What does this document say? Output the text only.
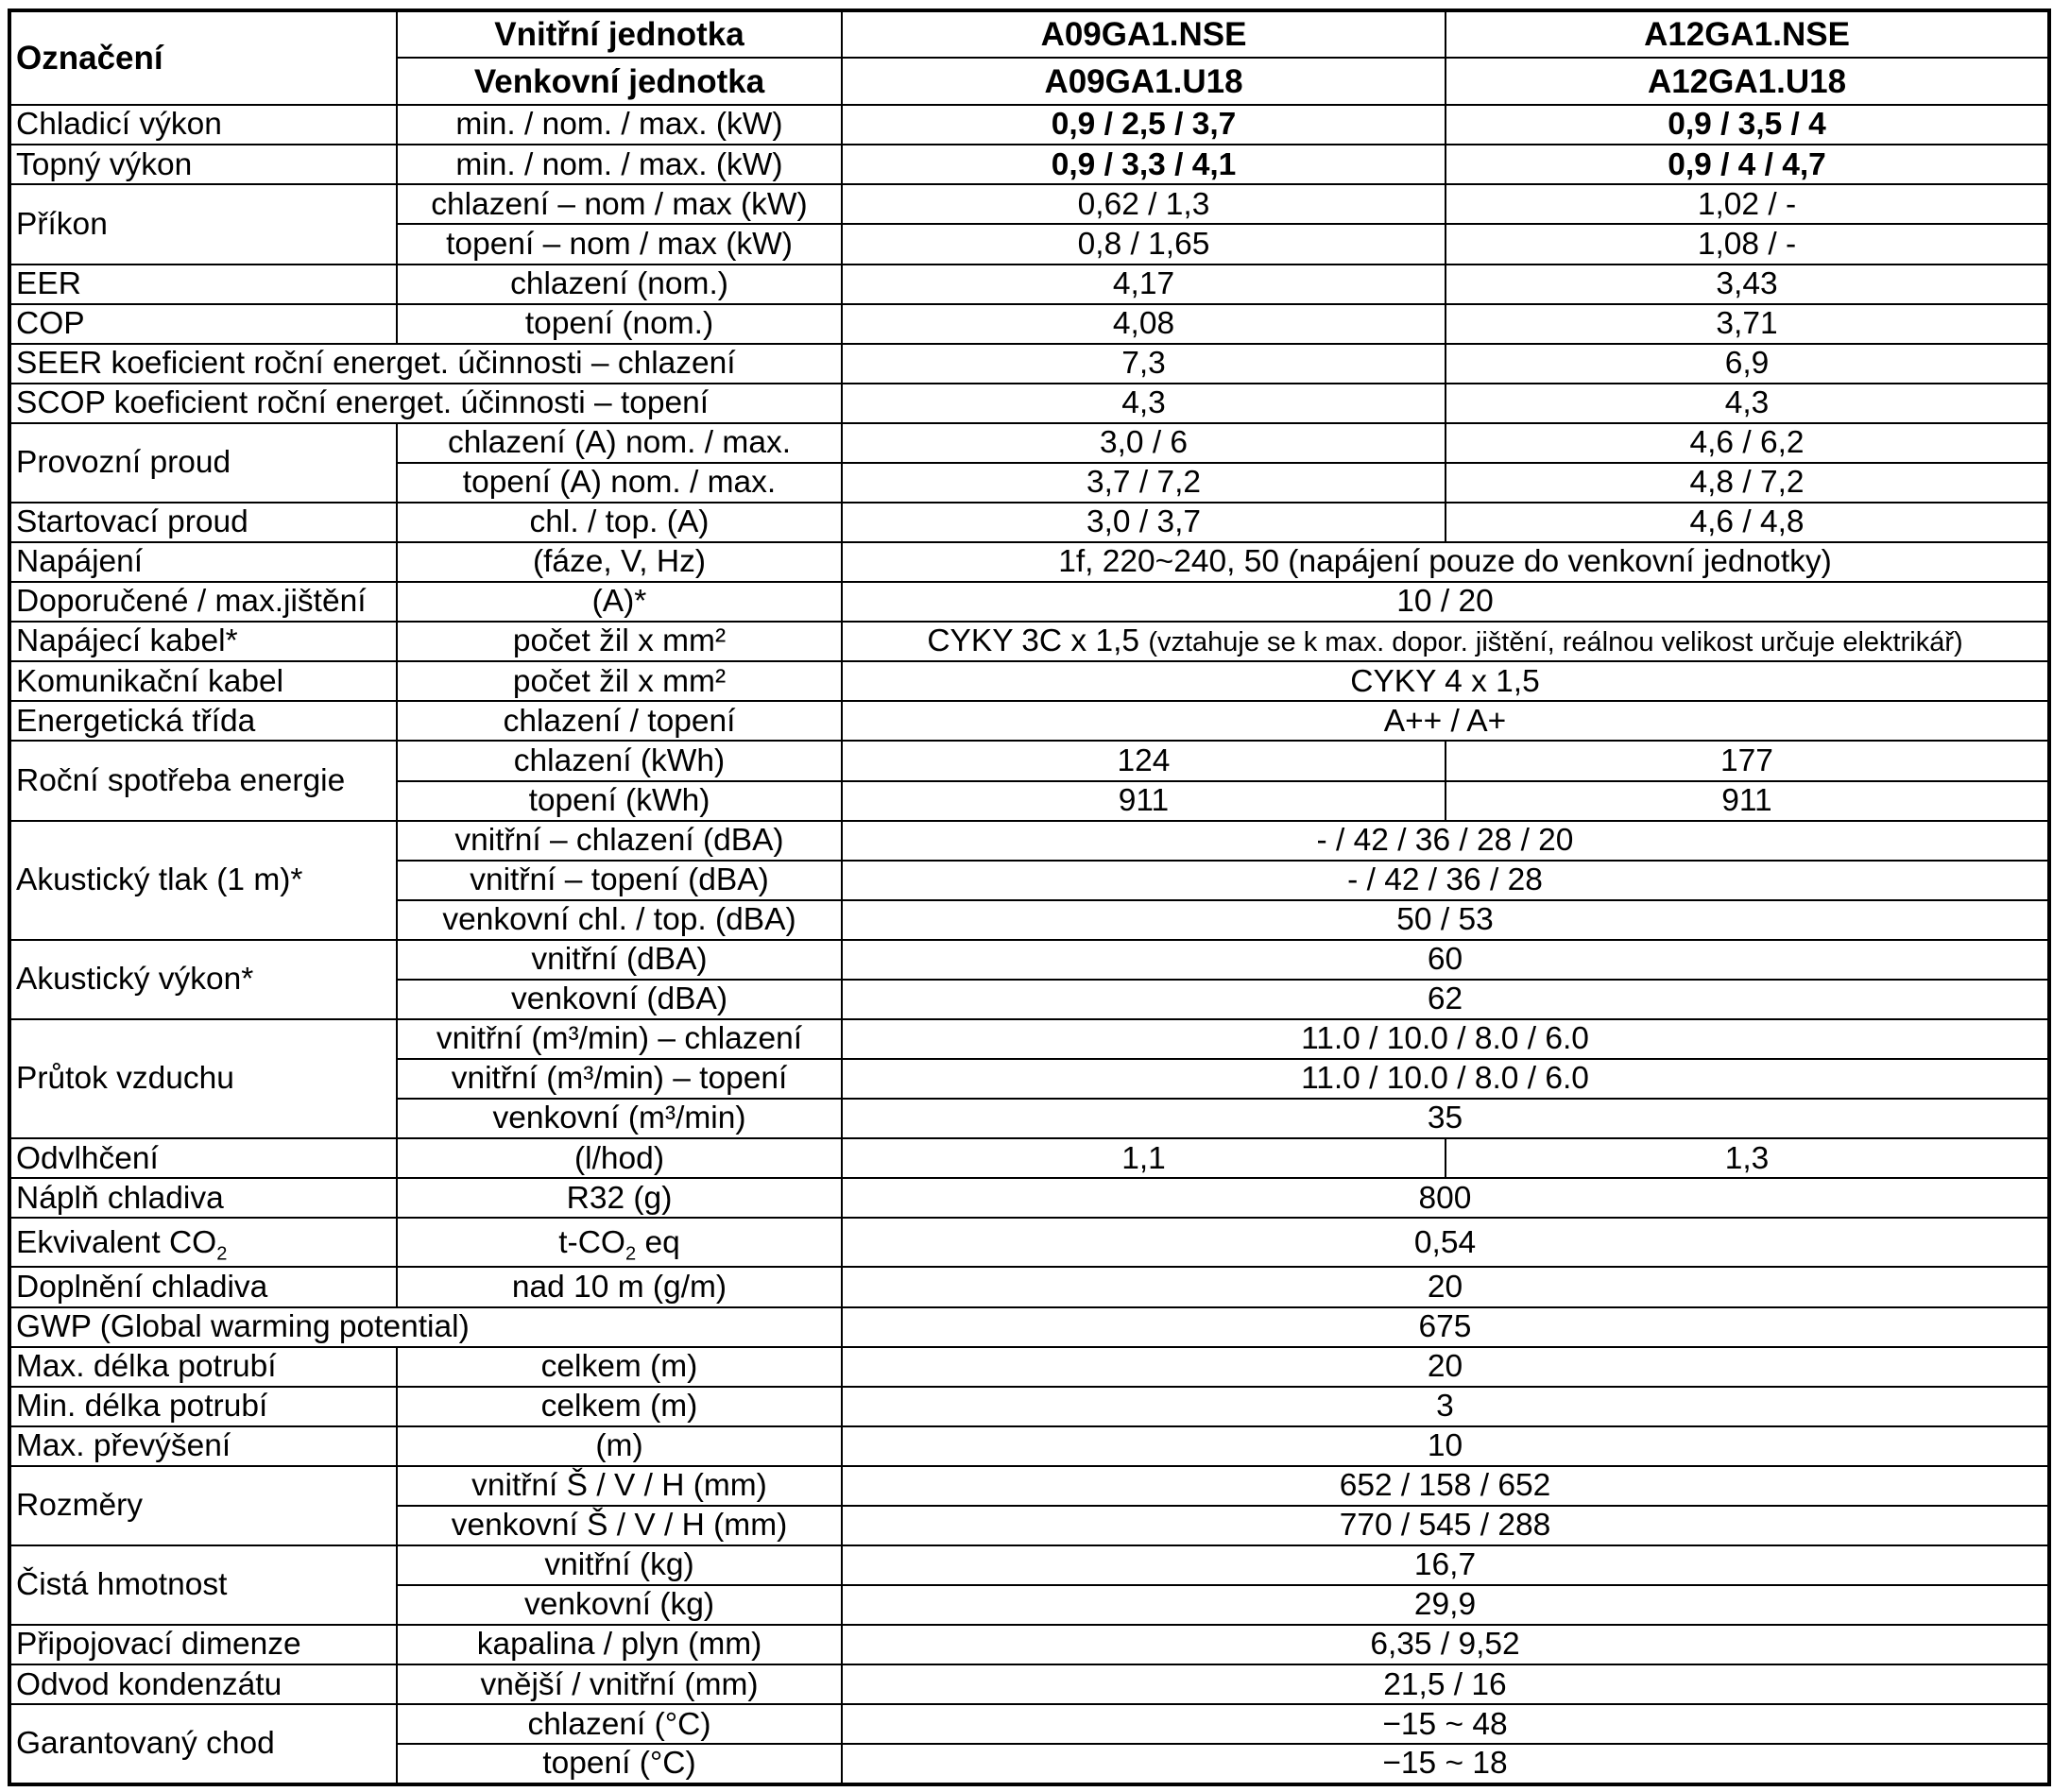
Označení	Vnitřní jednotka	A09GA1.NSE	A12GA1.NSE
	Venkovní jednotka	A09GA1.U18	A12GA1.U18
Chladicí výkon	min. / nom. / max. (kW)	0,9 / 2,5 / 3,7	0,9 / 3,5 / 4
Topný výkon	min. / nom. / max. (kW)	0,9 / 3,3 / 4,1	0,9 / 4 / 4,7
Příkon	chlazení – nom / max (kW)	0,62 / 1,3	1,02 / -
	topení – nom / max (kW)	0,8 / 1,65	1,08 / -
EER	chlazení (nom.)	4,17	3,43
COP	topení (nom.)	4,08	3,71
SEER koeficient roční energet. účinnosti – chlazení		7,3	6,9
SCOP koeficient roční energet. účinnosti – topení		4,3	4,3
Provozní proud	chlazení (A) nom. / max.	3,0 / 6	4,6 / 6,2
	topení (A) nom. / max.	3,7 / 7,2	4,8 / 7,2
Startovací proud	chl. / top. (A)	3,0 / 3,7	4,6 / 4,8
Napájení	(fáze, V, Hz)	1f, 220~240, 50 (napájení pouze do venkovní jednotky)	
Doporučené / max.jištění	(A)*	10 / 20	
Napájecí kabel*	počet žil x mm²	CYKY 3C x 1,5 (vztahuje se k max. dopor. jištění, reálnou velikost určuje elektrikář)	
Komunikační kabel	počet žil x mm²	CYKY 4 x 1,5	
Energetická třída	chlazení / topení	A++ / A+	
Roční spotřeba energie	chlazení (kWh)	124	177
	topení (kWh)	911	911
Akustický tlak (1 m)*	vnitřní – chlazení (dBA)	- / 42 / 36 / 28 / 20	
	vnitřní – topení (dBA)	- / 42 / 36 / 28	
	venkovní chl. / top. (dBA)	50 / 53	
Akustický výkon*	vnitřní (dBA)	60	
	venkovní (dBA)	62	
Průtok vzduchu	vnitřní (m³/min) – chlazení	11.0 / 10.0 / 8.0 / 6.0	
	vnitřní (m³/min) – topení	11.0 / 10.0 / 8.0 / 6.0	
	venkovní (m³/min)	35	
Odvlhčení	(l/hod)	1,1	1,3
Náplň chladiva	R32 (g)	800	
Ekvivalent $CO_2$	$t-CO_2$ eq	0,54	
Doplnění chladiva	nad 10 m (g/m)	20	
GWP (Global warming potential)		675	
Max. délka potrubí	celkem (m)	20	
Min. délka potrubí	celkem (m)	3	
Max. převýšení	(m)	10	
Rozměry	vnitřní Š / V / H (mm)	652 / 158 / 652	
	venkovní Š / V / H (mm)	770 / 545 / 288	
Čistá hmotnost	vnitřní (kg)	16,7	
	venkovní (kg)	29,9	
Připojovací dimenze	kapalina / plyn (mm)	6,35 / 9,52	
Odvod kondenzátu	vnější / vnitřní (mm)	21,5 / 16	
Garantovaný chod	chlazení (°C)	−15 ~ 48	
	topení (°C)	−15 ~ 18	
